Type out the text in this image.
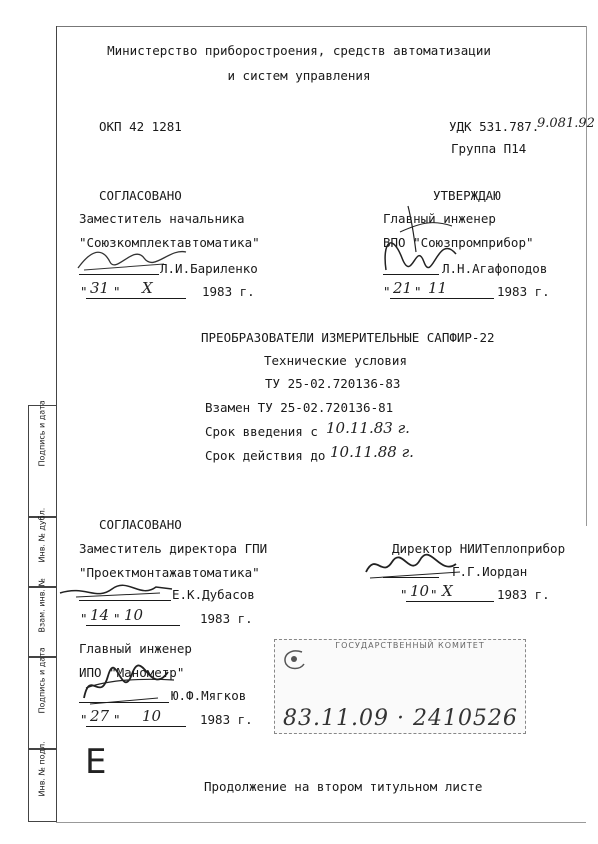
Подпись и дата
Инв. № дубл.
Взам. инв. №
Подпись и дата
Инв. № подл.
Министерство приборостроения, средств автоматизации
и систем управления
ОКП 42 1281	УДК 531.787.
9.081.92
Группа П14
СОГЛАСОВАНО
Заместитель начальника
"Союзкомплектавтоматика"
Л.И.Бариленко
" 31 " X	1983 г.
УТВЕРЖДАЮ
Главный инженер
ВПО "Союзпромприбор"
Л.Н.Агафоподов
" 21 " 11	1983 г.
ПРЕОБРАЗОВАТЕЛИ ИЗМЕРИТЕЛЬНЫЕ САПФИР-22
Технические условия
ТУ 25-02.720136-83
Взамен ТУ 25-02.720136-81
Срок введения с 10.11.83 г.
Срок действия до 10.11.88 г.
СОГЛАСОВАНО
Заместитель директора ГПИ
"Проектмонтажавтоматика"
Е.К.Дубасов
" 14 " 10	1983 г.
Директор НИИТеплоприбор
Г.Г.Иордан
" 10 " X	1983 г.
Главный инженер
ИПО "Манометр"
Ю.Ф.Мягков
" 27 " 10	1983 г.
ГОСУДАРСТВЕННЫЙ КОМИТЕТ
83.11.09 · 2410526
Е
Продолжение на втором титульном листе
